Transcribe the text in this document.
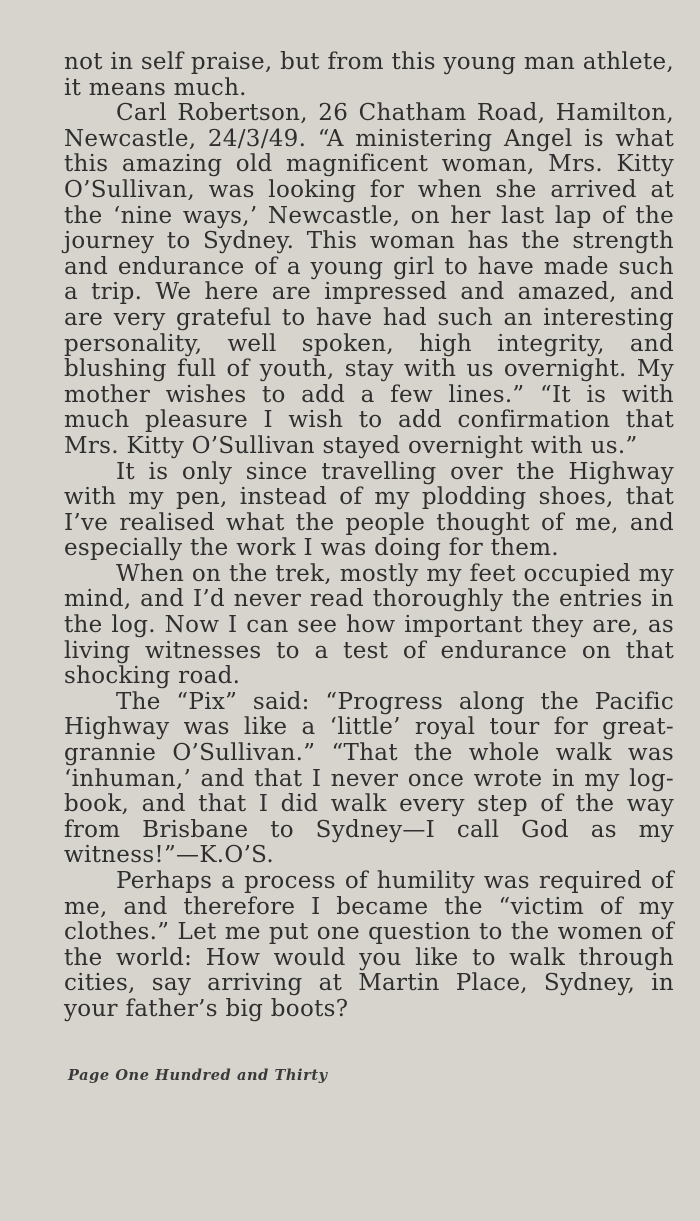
not in self praise, but from this young man athlete, it means much.

Carl Robertson, 26 Chatham Road, Hamilton, Newcastle, 24/3/49. “A ministering Angel is what this amazing old magnificent woman, Mrs. Kitty O’Sullivan, was looking for when she arrived at the ‘nine ways,’ Newcastle, on her last lap of the journey to Sydney. This woman has the strength and endurance of a young girl to have made such a trip. We here are impressed and amazed, and are very grateful to have had such an interesting personality, well spoken, high integrity, and blushing full of youth, stay with us overnight. My mother wishes to add a few lines.” “It is with much pleasure I wish to add confirmation that Mrs. Kitty O’Sullivan stayed overnight with us.”

It is only since travelling over the Highway with my pen, instead of my plodding shoes, that I’ve realised what the people thought of me, and especially the work I was doing for them.

When on the trek, mostly my feet occupied my mind, and I’d never read thoroughly the entries in the log. Now I can see how important they are, as living witnesses to a test of endurance on that shocking road.

The “Pix” said: “Progress along the Pacific Highway was like a ‘little’ royal tour for great-grannie O’Sullivan.” “That the whole walk was ‘inhuman,’ and that I never once wrote in my log-book, and that I did walk every step of the way from Brisbane to Sydney—I call God as my witness!”—K.O’S.

Perhaps a process of humility was required of me, and therefore I became the “victim of my clothes.” Let me put one question to the women of the world: How would you like to walk through cities, say arriving at Martin Place, Sydney, in your father’s big boots?

Page One Hundred and Thirty
